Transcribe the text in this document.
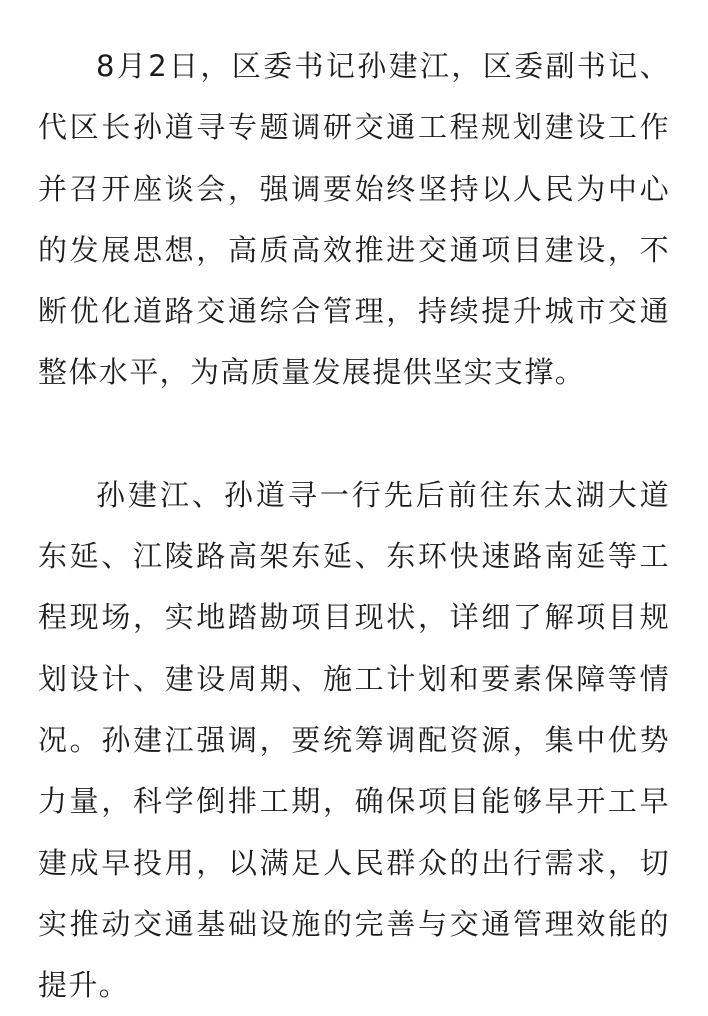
8月2日，区委书记孙建江，区委副书记、代区长孙道寻专题调研交通工程规划建设工作并召开座谈会，强调要始终坚持以人民为中心的发展思想，高质高效推进交通项目建设，不断优化道路交通综合管理，持续提升城市交通整体水平，为高质量发展提供坚实支撑。

孙建江、孙道寻一行先后前往东太湖大道东延、江陵路高架东延、东环快速路南延等工程现场，实地踏勘项目现状，详细了解项目规划设计、建设周期、施工计划和要素保障等情况。孙建江强调，要统筹调配资源，集中优势力量，科学倒排工期，确保项目能够早开工早建成早投用，以满足人民群众的出行需求，切实推动交通基础设施的完善与交通管理效能的提升。
